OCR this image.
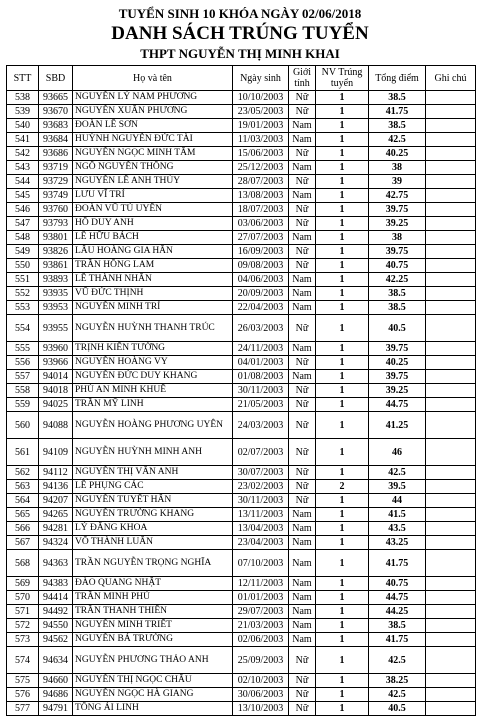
TUYỂN SINH 10 KHÓA NGÀY 02/06/2018
DANH SÁCH TRÚNG TUYỂN
THPT NGUYỄN THỊ MINH KHAI
STT	SBD	Họ và tên	Ngày sinh	Giới tính	NV Trúng tuyển	Tổng điểm	Ghi chú
538	93665	NGUYỄN LÝ NAM PHƯƠNG	10/10/2003	Nữ	1	38.5	
539	93670	NGUYỄN XUÂN PHƯƠNG	23/05/2003	Nữ	1	41.75	
540	93683	ĐOÀN LÊ SƠN	19/01/2003	Nam	1	38.5	
541	93684	HUỲNH NGUYỄN ĐỨC TÀI	11/03/2003	Nam	1	42.5	
542	93686	NGUYỄN NGỌC MINH TÂM	15/06/2003	Nữ	1	40.25	
543	93719	NGÔ NGUYỄN THÔNG	25/12/2003	Nam	1	38	
544	93729	NGUYỄN LÊ ANH THỦY	28/07/2003	Nữ	1	39	
545	93749	LƯU VĨ TRÍ	13/08/2003	Nam	1	42.75	
546	93760	ĐOÀN VŨ TÚ UYÊN	18/07/2003	Nữ	1	39.75	
547	93793	HỒ DUY ANH	03/06/2003	Nữ	1	39.25	
548	93801	LÊ HỮU BÁCH	27/07/2003	Nam	1	38	
549	93826	LÂU HOÀNG GIA HÂN	16/09/2003	Nữ	1	39.75	
550	93861	TRẦN HỒNG LAM	09/08/2003	Nữ	1	40.75	
551	93893	LÊ THÀNH NHÂN	04/06/2003	Nam	1	42.25	
552	93935	VŨ ĐỨC THỊNH	20/09/2003	Nam	1	38.5	
553	93953	NGUYỄN MINH TRÍ	22/04/2003	Nam	1	38.5	
554	93955	NGUYỄN HUỲNH THANH TRÚC	26/03/2003	Nữ	1	40.5	
555	93960	TRỊNH KIẾN TƯỜNG	24/11/2003	Nam	1	39.75	
556	93966	NGUYỄN HOÀNG VY	04/01/2003	Nữ	1	40.25	
557	94014	NGUYỄN ĐỨC DUY KHANG	01/08/2003	Nam	1	39.75	
558	94018	PHÙ AN MINH KHUÊ	30/11/2003	Nữ	1	39.25	
559	94025	TRẦN MỸ LINH	21/05/2003	Nữ	1	44.75	
560	94088	NGUYỄN HOÀNG PHƯƠNG UYÊN	24/03/2003	Nữ	1	41.25	
561	94109	NGUYỄN HUỲNH MINH ANH	02/07/2003	Nữ	1	46	
562	94112	NGUYỄN THỊ VÂN ANH	30/07/2003	Nữ	1	42.5	
563	94136	LÊ PHỤNG CÁC	23/02/2003	Nữ	2	39.5	
564	94207	NGUYỄN TUYẾT HÂN	30/11/2003	Nữ	1	44	
565	94265	NGUYỄN TRƯỜNG KHANG	13/11/2003	Nam	1	41.5	
566	94281	LÝ ĐĂNG KHOA	13/04/2003	Nam	1	43.5	
567	94324	VÕ THÀNH LUÂN	23/04/2003	Nam	1	43.25	
568	94363	TRẦN NGUYỄN TRỌNG NGHĨA	07/10/2003	Nam	1	41.75	
569	94383	ĐÀO QUANG NHẬT	12/11/2003	Nam	1	40.75	
570	94414	TRẦN MINH PHÚ	01/01/2003	Nam	1	44.75	
571	94492	TRẦN THANH THIÊN	29/07/2003	Nam	1	44.25	
572	94550	NGUYỄN MINH TRIẾT	21/03/2003	Nam	1	38.5	
573	94562	NGUYỄN BÁ TRƯỜNG	02/06/2003	Nam	1	41.75	
574	94634	NGUYỄN PHƯƠNG THẢO ANH	25/09/2003	Nữ	1	42.5	
575	94660	NGUYỄN THỊ NGỌC CHÂU	02/10/2003	Nữ	1	38.25	
576	94686	NGUYỄN NGỌC HÀ GIANG	30/06/2003	Nữ	1	42.5	
577	94791	TỐNG ÁI LINH	13/10/2003	Nữ	1	40.5	
